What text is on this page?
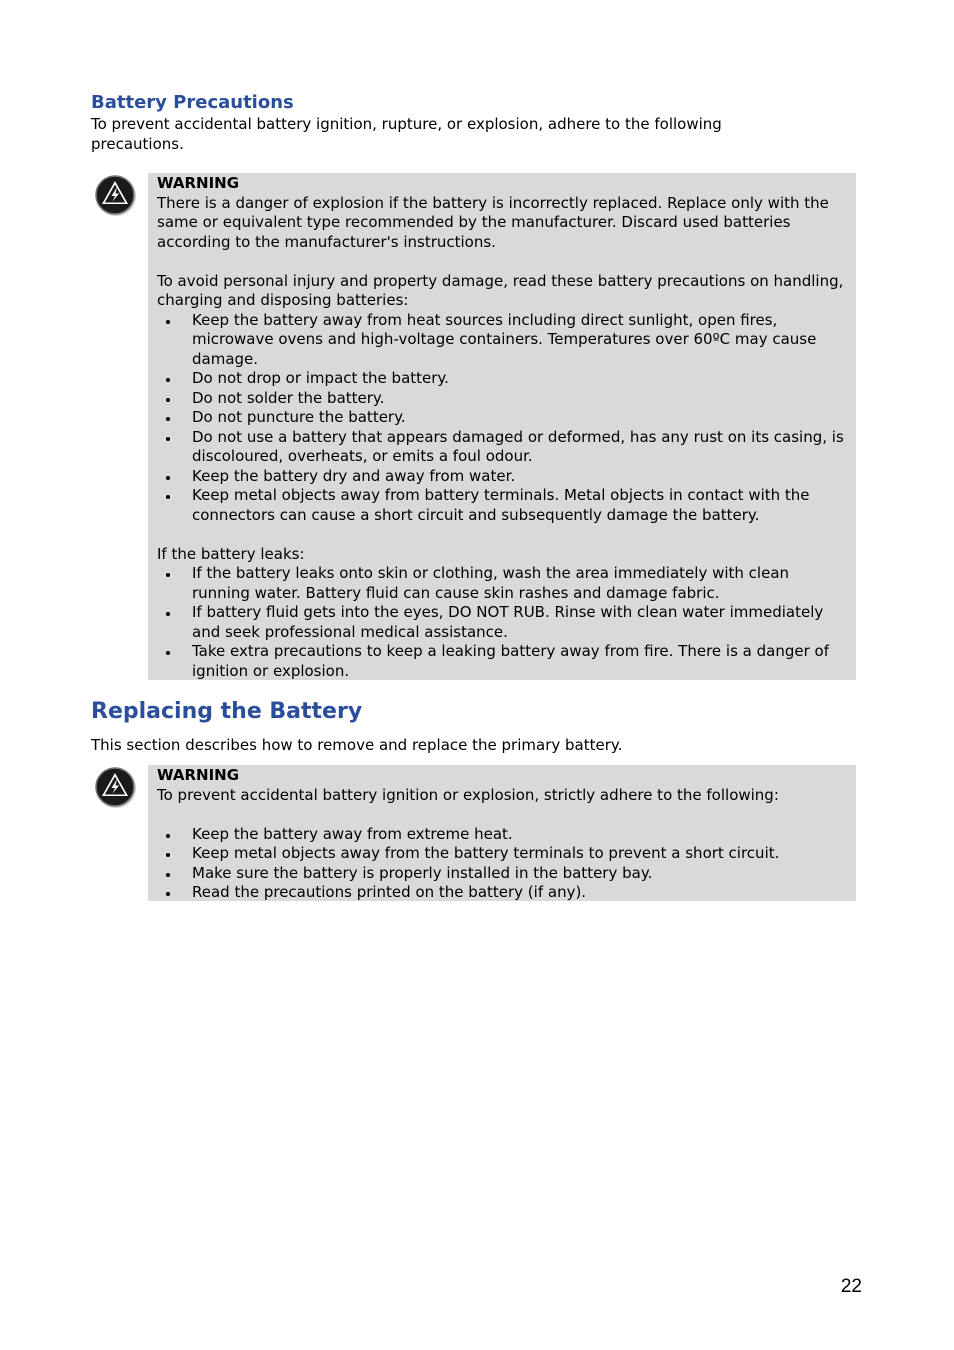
Battery Precautions

To prevent accidental battery ignition, rupture, or explosion, adhere to the following precautions.

WARNING

There is a danger of explosion if the battery is incorrectly replaced. Replace only with the same or equivalent type recommended by the manufacturer. Discard used batteries according to the manufacturer's instructions.

To avoid personal injury and property damage, read these battery precautions on handling, charging and disposing batteries:

Keep the battery away from heat sources including direct sunlight, open fires, microwave ovens and high-voltage containers. Temperatures over 60ºC may cause damage.
Do not drop or impact the battery.
Do not solder the battery.
Do not puncture the battery.
Do not use a battery that appears damaged or deformed, has any rust on its casing, is discoloured, overheats, or emits a foul odour.
Keep the battery dry and away from water.
Keep metal objects away from battery terminals. Metal objects in contact with the connectors can cause a short circuit and subsequently damage the battery.

If the battery leaks:

If the battery leaks onto skin or clothing, wash the area immediately with clean running water. Battery fluid can cause skin rashes and damage fabric.
If battery fluid gets into the eyes, DO NOT RUB. Rinse with clean water immediately and seek professional medical assistance.
Take extra precautions to keep a leaking battery away from fire. There is a danger of ignition or explosion.
Replacing the Battery

This section describes how to remove and replace the primary battery.

WARNING

To prevent accidental battery ignition or explosion, strictly adhere to the following:

Keep the battery away from extreme heat.
Keep metal objects away from the battery terminals to prevent a short circuit.
Make sure the battery is properly installed in the battery bay.
Read the precautions printed on the battery (if any).

22
